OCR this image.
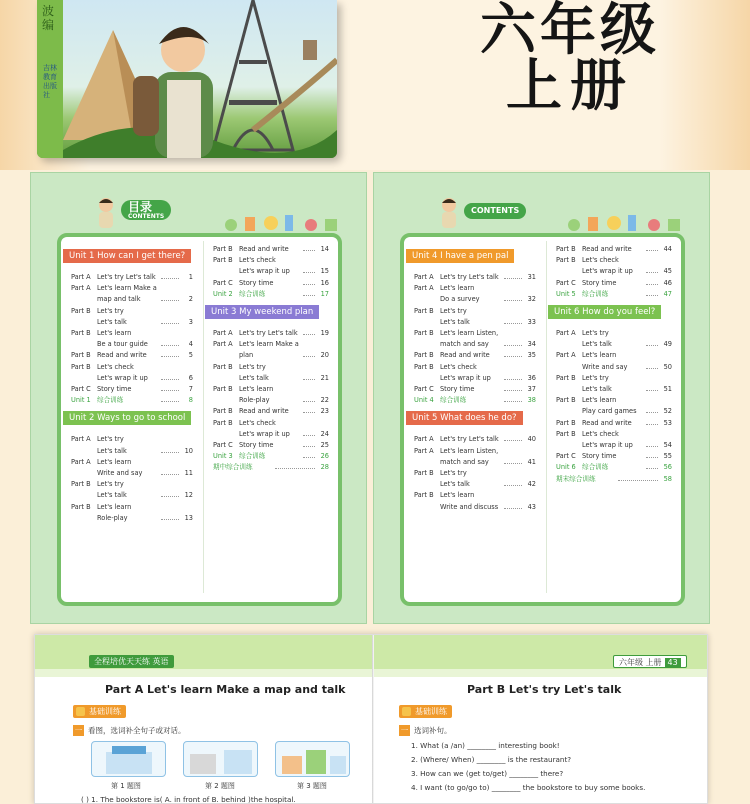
波编
吉林教育出版社
六年级
上册
目录
CONTENTS
Unit 1 How can I get there?
Part A Let's try Let's talk	1
Part A Let's learn Make a
map and talk	2
Part B Let's try
Let's talk	3
Part B Let's learn
Be a tour guide	4
Part B Read and write	5
Part B Let's check
Let's wrap it up	6
Part C Story time	7
Unit 1 综合训练	8
Unit 2 Ways to go to school
Part A Let's try
Let's talk	10
Part A Let's learn
Write and say	11
Part B Let's try
Let's talk	12
Part B Let's learn
Role-play	13
Part B Read and write	14
Part B Let's check
Let's wrap it up	15
Part C Story time	16
Unit 2 综合训练	17
Unit 3 My weekend plan
Part A Let's try Let's talk	19
Part A Let's learn Make a
plan	20
Part B Let's try
Let's talk	21
Part B Let's learn
Role-play	22
Part B Read and write	23
Part B Let's check
Let's wrap it up	24
Part C Story time	25
Unit 3 综合训练	26
期中综合训练	28
CONTENTS
Unit 4 I have a pen pal
Part A Let's try Let's talk	31
Part A Let's learn
Do a survey	32
Part B Let's try
Let's talk	33
Part B Let's learn Listen,
match and say	34
Part B Read and write	35
Part B Let's check
Let's wrap it up	36
Part C Story time	37
Unit 4 综合训练	38
Unit 5 What does he do?
Part A Let's try Let's talk	40
Part A Let's learn Listen,
match and say	41
Part B Let's try
Let's talk	42
Part B Let's learn
Write and discuss	43
Part B Read and write	44
Part B Let's check
Let's wrap it up	45
Part C Story time	46
Unit 5 综合训练	47
Unit 6 How do you feel?
Part A Let's try
Let's talk	49
Part A Let's learn
Write and say	50
Part B Let's try
Let's talk	51
Part B Let's learn
Play card games	52
Part B Read and write	53
Part B Let's check
Let's wrap it up	54
Part C Story time	55
Unit 6 综合训练	56
期末综合训练	58
全程培优天天练 英语	六年级 上册 43
Part A Let's learn Make a map and talk	Part B Let's try Let's talk
基础训练	基础训练
一 看图，选词补全句子或对话。	一 选词补句。
第 1 题图	第 2 题图	第 3 题图
( ) 1. The bookstore is( A. in front of B. behind )the hospital.
1. What (a /an) ________ interesting book!
2. (Where/ When) ________ is the restaurant?
3. How can we (get to/get) ________ there?
4. I want (to go/go to) ________ the bookstore to buy some books.
